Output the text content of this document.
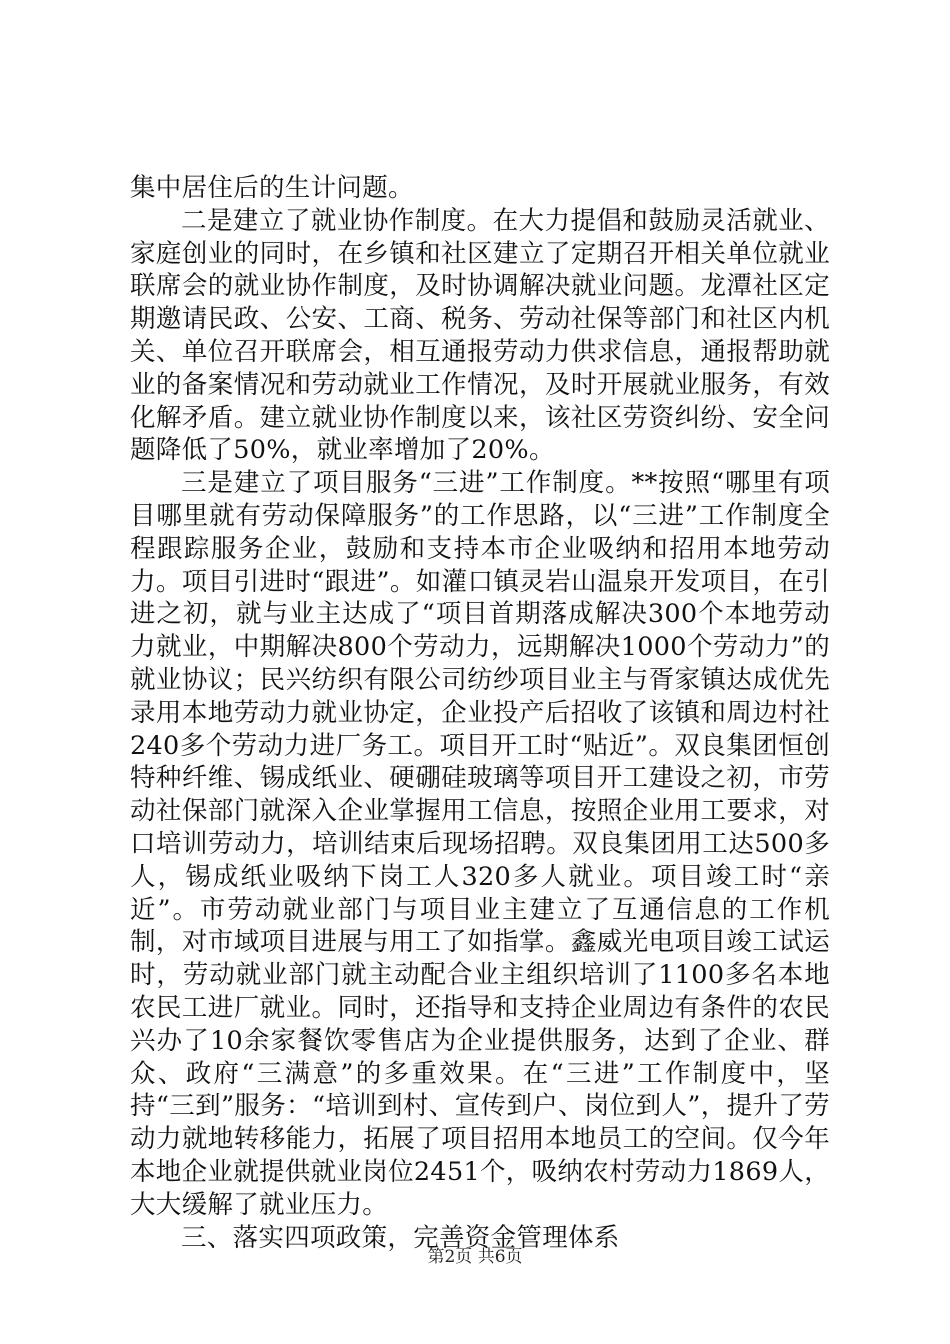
集中居住后的生计问题。

二是建立了就业协作制度。在大力提倡和鼓励灵活就业、家庭创业的同时，在乡镇和社区建立了定期召开相关单位就业联席会的就业协作制度，及时协调解决就业问题。龙潭社区定期邀请民政、公安、工商、税务、劳动社保等部门和社区内机关、单位召开联席会，相互通报劳动力供求信息，通报帮助就业的备案情况和劳动就业工作情况，及时开展就业服务，有效化解矛盾。建立就业协作制度以来，该社区劳资纠纷、安全问题降低了50%，就业率增加了20%。

三是建立了项目服务“三进”工作制度。**按照“哪里有项目哪里就有劳动保障服务”的工作思路，以“三进”工作制度全程跟踪服务企业，鼓励和支持本市企业吸纳和招用本地劳动力。项目引进时“跟进”。如灌口镇灵岩山温泉开发项目，在引进之初，就与业主达成了“项目首期落成解决300个本地劳动力就业，中期解决800个劳动力，远期解决1000个劳动力”的就业协议；民兴纺织有限公司纺纱项目业主与胥家镇达成优先录用本地劳动力就业协定，企业投产后招收了该镇和周边村社240多个劳动力进厂务工。项目开工时“贴近”。双良集团恒创特种纤维、锡成纸业、硬硼硅玻璃等项目开工建设之初，市劳动社保部门就深入企业掌握用工信息，按照企业用工要求，对口培训劳动力，培训结束后现场招聘。双良集团用工达500多人，锡成纸业吸纳下岗工人320多人就业。项目竣工时“亲近”。市劳动就业部门与项目业主建立了互通信息的工作机制，对市域项目进展与用工了如指掌。鑫威光电项目竣工试运时，劳动就业部门就主动配合业主组织培训了1100多名本地农民工进厂就业。同时，还指导和支持企业周边有条件的农民兴办了10余家餐饮零售店为企业提供服务，达到了企业、群众、政府“三满意”的多重效果。在“三进”工作制度中，坚持“三到”服务：“培训到村、宣传到户、岗位到人”，提升了劳动力就地转移能力，拓展了项目招用本地员工的空间。仅今年本地企业就提供就业岗位2451个，吸纳农村劳动力1869人，大大缓解了就业压力。

三、落实四项政策，完善资金管理体系

第2页 共6页
